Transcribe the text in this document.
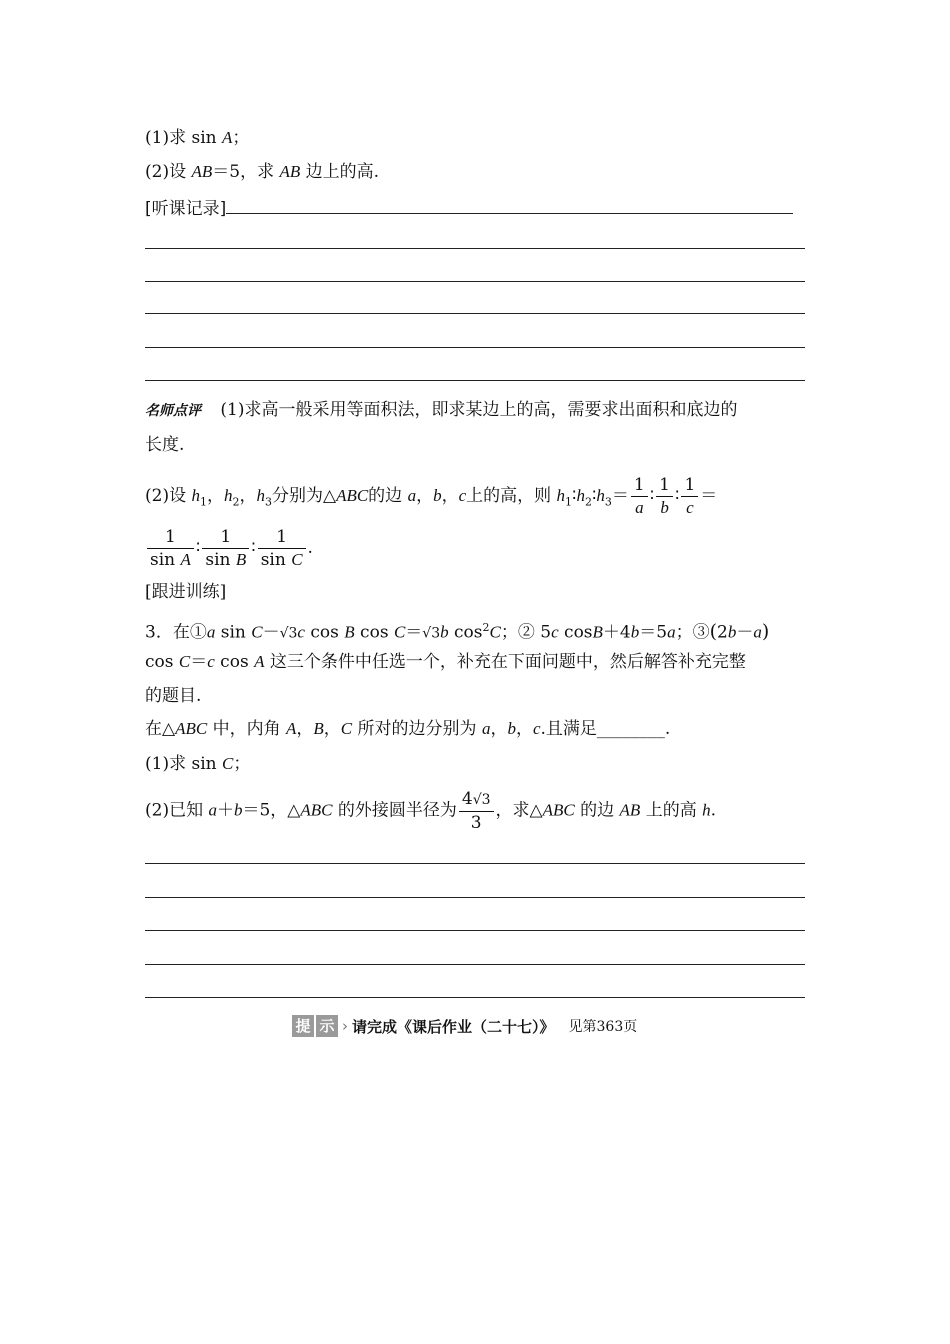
(1)求 sin A；
(2)设 AB＝5，求 AB 边上的高.
[听课记录]
名师点评 (1)求高一般采用等面积法，即求某边上的高，需要求出面积和底边的
长度.
(2)设 $h_1$，$h_2$，$h_3$分别为△ABC的边 a，b，c上的高，则 $h_1∶h_2∶h_3= \frac{1}{a}$ ∶ $\frac{1}{b}$ ∶ $\frac{1}{c}$ ＝
$\frac{1}{\text{sin A}}$ ∶ $\frac{1}{\text{sin B}}$ ∶ $\frac{1}{\text{sin C}}$ .
[跟进训练]
3．在①a sin C－√3c cos B cos C＝√3b $\cos^2C$；② 5c cosB＋4b＝5a；③(2b－a)
cos C＝c cos A 这三个条件中任选一个，补充在下面问题中，然后解答补充完整
的题目.
在△ABC 中，内角 A，B，C 所对的边分别为 a，b，c.且满足________.
(1)求 sin C；
(2)已知 a＋b＝5，△ABC 的外接圆半径为 $\frac{4√3}{3}$ ，求△ABC 的边 AB 上的高 h.
提 示 › 请完成《课后作业（二十七）》 见第363页
